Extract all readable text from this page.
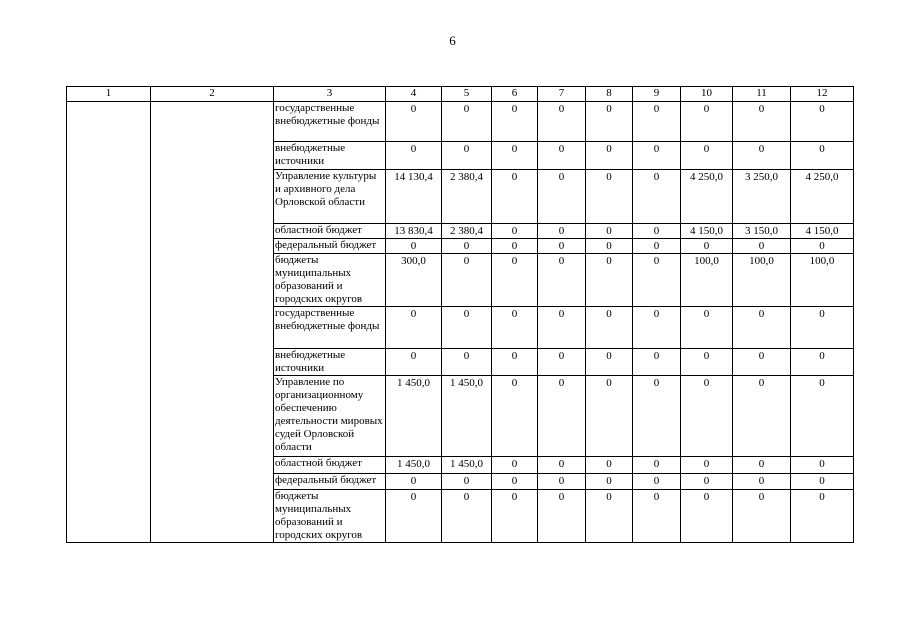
6
1	2	3	4	5	6	7	8	9	10	11	12
		государственные внебюджетные фонды	0	0	0	0	0	0	0	0	0
		внебюджетные источники	0	0	0	0	0	0	0	0	0
		Управление культуры и архивного дела Орловской области	14 130,4	2 380,4	0	0	0	0	4 250,0	3 250,0	4 250,0
		областной бюджет	13 830,4	2 380,4	0	0	0	0	4 150,0	3 150,0	4 150,0
		федеральный бюджет	0	0	0	0	0	0	0	0	0
		бюджеты муниципальных образований и городских округов	300,0	0	0	0	0	0	100,0	100,0	100,0
		государственные внебюджетные фонды	0	0	0	0	0	0	0	0	0
		внебюджетные источники	0	0	0	0	0	0	0	0	0
		Управление по организационному обеспечению деятельности мировых судей Орловской области	1 450,0	1 450,0	0	0	0	0	0	0	0
		областной бюджет	1 450,0	1 450,0	0	0	0	0	0	0	0
		федеральный бюджет	0	0	0	0	0	0	0	0	0
		бюджеты муниципальных образований и городских округов	0	0	0	0	0	0	0	0	0
